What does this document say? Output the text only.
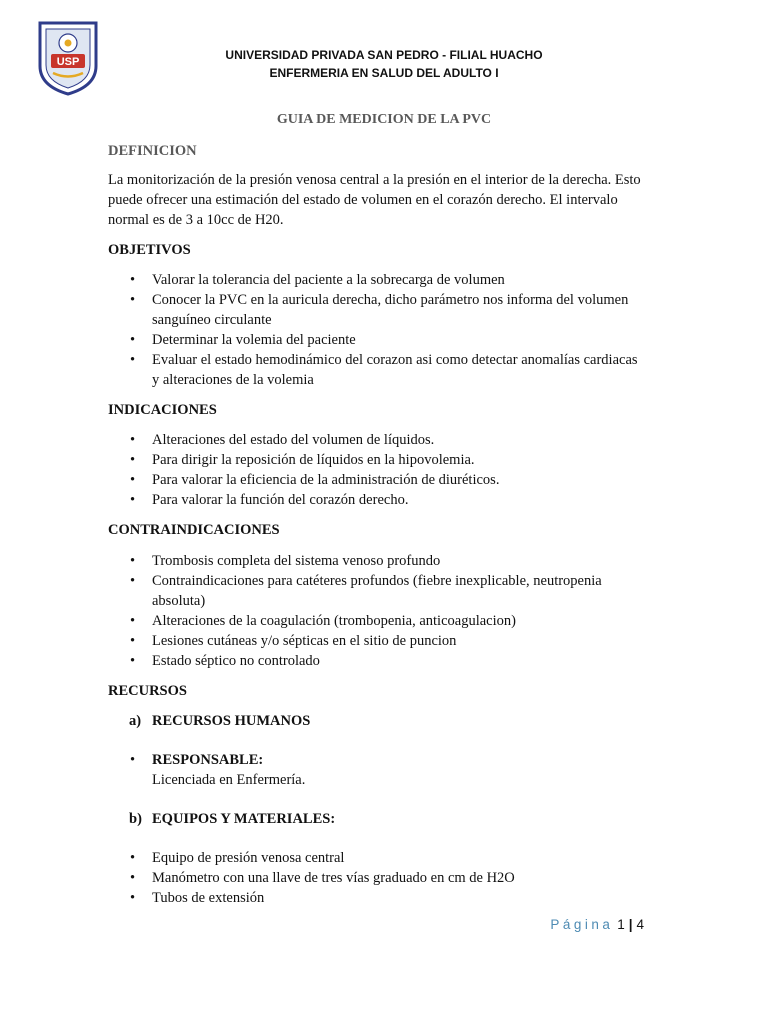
USP	UNIVERSIDAD PRIVADA SAN PEDRO - FILIAL HUACHO
ENFERMERIA EN SALUD DEL ADULTO I
GUIA DE MEDICION DE LA PVC
DEFINICION
La monitorización de la presión venosa central a la presión en el interior de la derecha. Esto
puede ofrecer una estimación del estado de volumen en el corazón derecho. El intervalo
normal es de 3 a 10cc de H20.
OBJETIVOS
• Valorar la tolerancia del paciente a la sobrecarga de volumen
• Conocer la PVC en la auricula derecha, dicho parámetro nos informa del volumen
sanguíneo circulante
• Determinar la volemia del paciente
• Evaluar el estado hemodinámico del corazon asi como detectar anomalías cardiacas
y alteraciones de la volemia
INDICACIONES
• Alteraciones del estado del volumen de líquidos.
• Para dirigir la reposición de líquidos en la hipovolemia.
• Para valorar la eficiencia de la administración de diuréticos.
• Para valorar la función del corazón derecho.
CONTRAINDICACIONES
• Trombosis completa del sistema venoso profundo
• Contraindicaciones para catéteres profundos (fiebre inexplicable, neutropenia
absoluta)
• Alteraciones de la coagulación (trombopenia, anticoagulacion)
• Lesiones cutáneas y/o sépticas en el sitio de puncion
• Estado séptico no controlado
RECURSOS
a) RECURSOS HUMANOS
• RESPONSABLE:
Licenciada en Enfermería.
b) EQUIPOS Y MATERIALES:
• Equipo de presión venosa central
• Manómetro con una llave de tres vías graduado en cm de H2O
• Tubos de extensión
Página 1 | 4
